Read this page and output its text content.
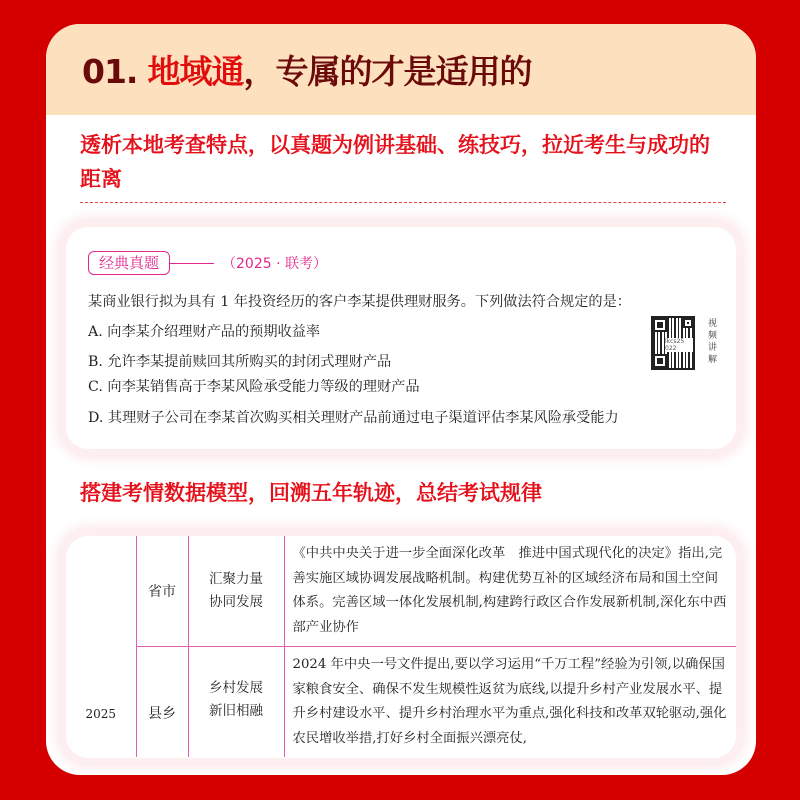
01. 地域通，专属的才是适用的
透析本地考查特点，以真题为例讲基础、练技巧，拉近考生与成功的距离
经典真题	（2025 · 联考）
某商业银行拟为具有 1 年投资经历的客户李某提供理财服务。下列做法符合规定的是：
A. 向李某介绍理财产品的预期收益率
B. 允许李某提前赎回其所购买的封闭式理财产品
C. 向李某销售高于李某风险承受能力等级的理财产品
D. 其理财子公司在李某首次购买相关理财产品前通过电子渠道评估李某风险承受能力
lkcs25 022
视频讲解
搭建考情数据模型，回溯五年轨迹，总结考试规律
2025	省市	汇聚力量
协同发展	《中共中央关于进一步全面深化改革　推进中国式现代化的决定》指出,完善实施区域协调发展战略机制。构建优势互补的区域经济布局和国土空间体系。完善区域一体化发展机制,构建跨行政区合作发展新机制,深化东中西部产业协作
	县乡	乡村发展
新旧相融	2024 年中央一号文件提出,要以学习运用“千万工程”经验为引领,以确保国家粮食安全、确保不发生规模性返贫为底线,以提升乡村产业发展水平、提升乡村建设水平、提升乡村治理水平为重点,强化科技和改革双轮驱动,强化农民增收举措,打好乡村全面振兴漂亮仗,
